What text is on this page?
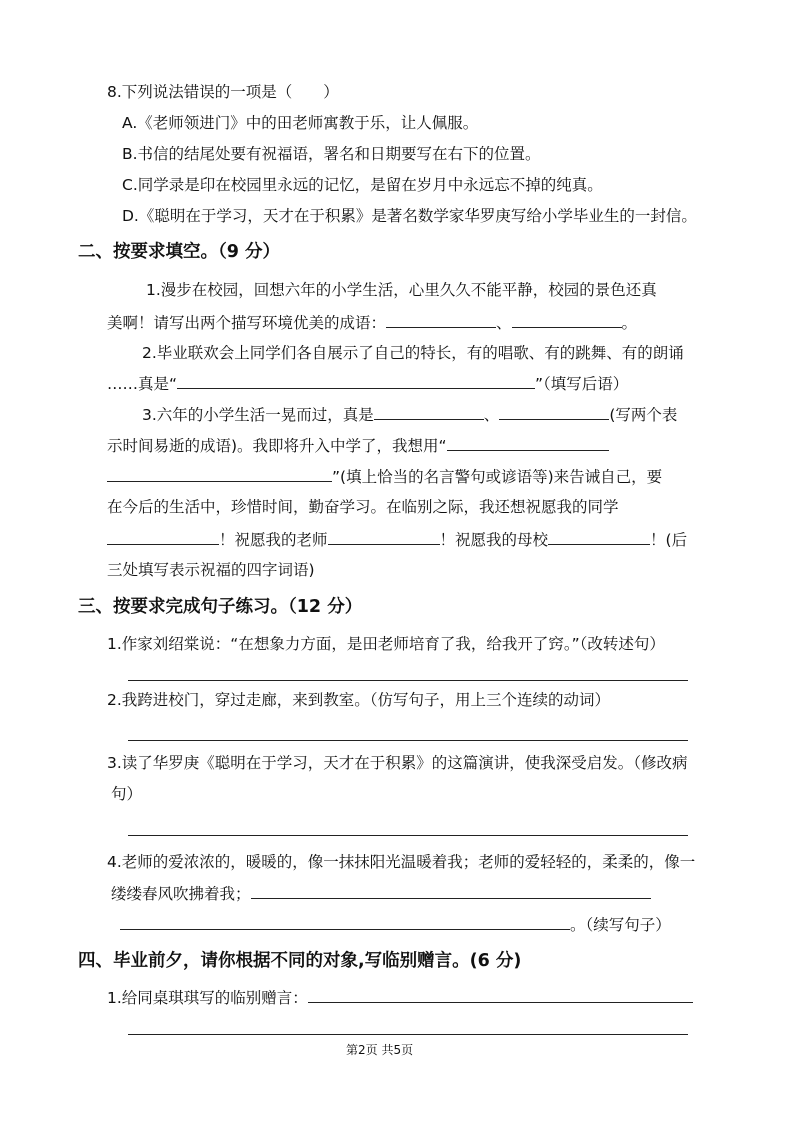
8.下列说法错误的一项是（　　）
A.《老师领进门》中的田老师寓教于乐，让人佩服。
B.书信的结尾处要有祝福语，署名和日期要写在右下的位置。
C.同学录是印在校园里永远的记忆，是留在岁月中永远忘不掉的纯真。
D.《聪明在于学习，天才在于积累》是著名数学家华罗庚写给小学毕业生的一封信。
二、按要求填空。（9 分）
1.漫步在校园，回想六年的小学生活，心里久久不能平静，校园的景色还真
美啊！请写出两个描写环境优美的成语：	、	。
2.毕业联欢会上同学们各自展示了自己的特长，有的唱歌、有的跳舞、有的朗诵
……真是“	”（填写后语）
3.六年的小学生活一晃而过，真是	、	(写两个表
示时间易逝的成语)。我即将升入中学了，我想用“
”(填上恰当的名言警句或谚语等)来告诫自己，要
在今后的生活中，珍惜时间，勤奋学习。在临别之际，我还想祝愿我的同学
！祝愿我的老师	！祝愿我的母校	！(后
三处填写表示祝福的四字词语)
三、按要求完成句子练习。（12 分）
1.作家刘绍棠说：“在想象力方面，是田老师培育了我，给我开了窍。”（改转述句）
2.我跨进校门，穿过走廊，来到教室。（仿写句子，用上三个连续的动词）
3.读了华罗庚《聪明在于学习，天才在于积累》的这篇演讲，使我深受启发。（修改病
句）
4.老师的爱浓浓的，暖暖的，像一抹抹阳光温暖着我；老师的爱轻轻的，柔柔的，像一
缕缕春风吹拂着我；
。（续写句子）
四、毕业前夕，请你根据不同的对象,写临别赠言。(6 分)
1.给同桌琪琪写的临别赠言：
第2页 共5页
